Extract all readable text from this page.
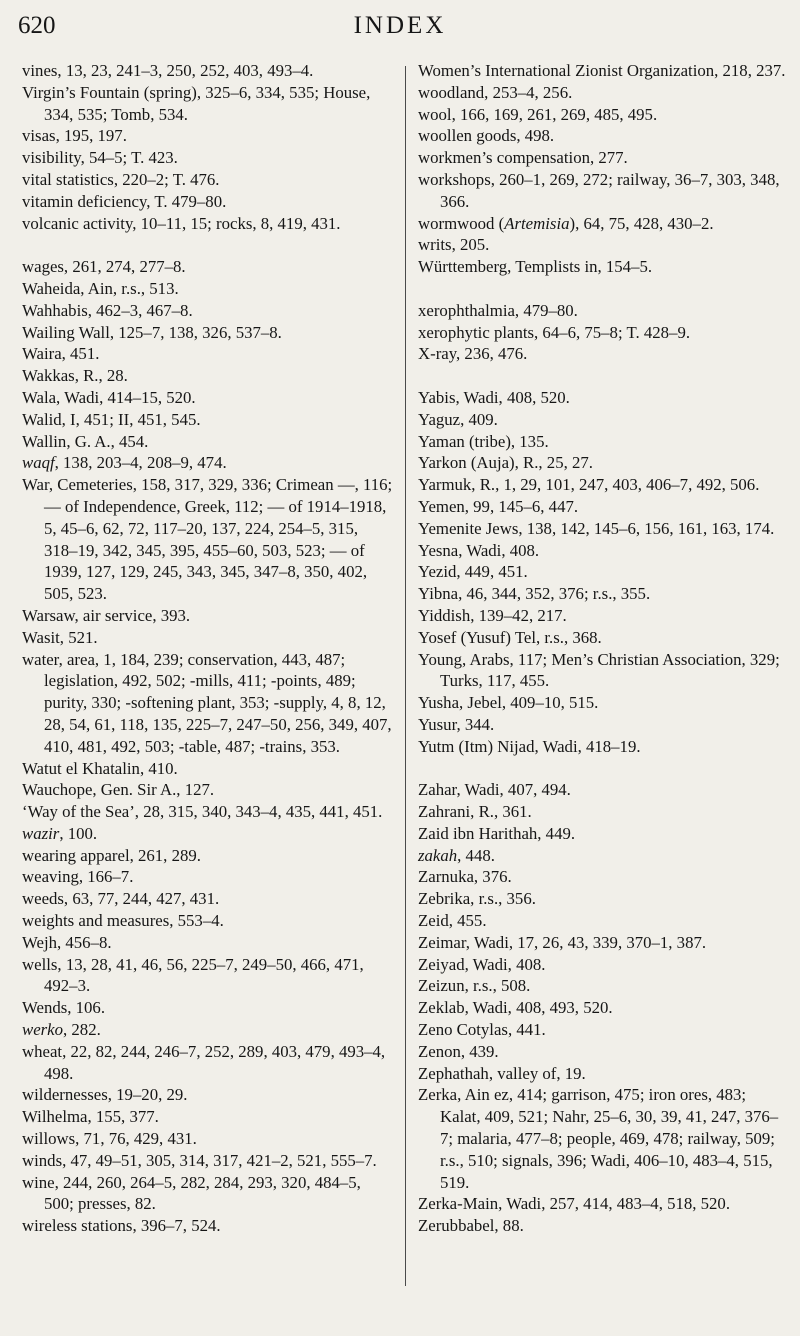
620	INDEX
vines, 13, 23, 241–3, 250, 252, 403, 493–4.
Virgin’s Fountain (spring), 325–6, 334, 535; House, 334, 535; Tomb, 534.
visas, 195, 197.
visibility, 54–5; T. 423.
vital statistics, 220–2; T. 476.
vitamin deficiency, T. 479–80.
volcanic activity, 10–11, 15; rocks, 8, 419, 431.
wages, 261, 274, 277–8.
Waheida, Ain, r.s., 513.
Wahhabis, 462–3, 467–8.
Wailing Wall, 125–7, 138, 326, 537–8.
Waira, 451.
Wakkas, R., 28.
Wala, Wadi, 414–15, 520.
Walid, I, 451; II, 451, 545.
Wallin, G. A., 454.
waqf, 138, 203–4, 208–9, 474.
War, Cemeteries, 158, 317, 329, 336; Crimean —, 116; — of Independence, Greek, 112; — of 1914–1918, 5, 45–6, 62, 72, 117–20, 137, 224, 254–5, 315, 318–19, 342, 345, 395, 455–60, 503, 523; — of 1939, 127, 129, 245, 343, 345, 347–8, 350, 402, 505, 523.
Warsaw, air service, 393.
Wasit, 521.
water, area, 1, 184, 239; conservation, 443, 487; legislation, 492, 502; -mills, 411; -points, 489; purity, 330; -softening plant, 353; -supply, 4, 8, 12, 28, 54, 61, 118, 135, 225–7, 247–50, 256, 349, 407, 410, 481, 492, 503; -table, 487; -trains, 353.
Watut el Khatalin, 410.
Wauchope, Gen. Sir A., 127.
‘Way of the Sea’, 28, 315, 340, 343–4, 435, 441, 451.
wazir, 100.
wearing apparel, 261, 289.
weaving, 166–7.
weeds, 63, 77, 244, 427, 431.
weights and measures, 553–4.
Wejh, 456–8.
wells, 13, 28, 41, 46, 56, 225–7, 249–50, 466, 471, 492–3.
Wends, 106.
werko, 282.
wheat, 22, 82, 244, 246–7, 252, 289, 403, 479, 493–4, 498.
wildernesses, 19–20, 29.
Wilhelma, 155, 377.
willows, 71, 76, 429, 431.
winds, 47, 49–51, 305, 314, 317, 421–2, 521, 555–7.
wine, 244, 260, 264–5, 282, 284, 293, 320, 484–5, 500; presses, 82.
wireless stations, 396–7, 524.
Women’s International Zionist Organization, 218, 237.
woodland, 253–4, 256.
wool, 166, 169, 261, 269, 485, 495.
woollen goods, 498.
workmen’s compensation, 277.
workshops, 260–1, 269, 272; railway, 36–7, 303, 348, 366.
wormwood (Artemisia), 64, 75, 428, 430–2.
writs, 205.
Württemberg, Templists in, 154–5.
xerophthalmia, 479–80.
xerophytic plants, 64–6, 75–8; T. 428–9.
X-ray, 236, 476.
Yabis, Wadi, 408, 520.
Yaguz, 409.
Yaman (tribe), 135.
Yarkon (Auja), R., 25, 27.
Yarmuk, R., 1, 29, 101, 247, 403, 406–7, 492, 506.
Yemen, 99, 145–6, 447.
Yemenite Jews, 138, 142, 145–6, 156, 161, 163, 174.
Yesna, Wadi, 408.
Yezid, 449, 451.
Yibna, 46, 344, 352, 376; r.s., 355.
Yiddish, 139–42, 217.
Yosef (Yusuf) Tel, r.s., 368.
Young, Arabs, 117; Men’s Christian Association, 329; Turks, 117, 455.
Yusha, Jebel, 409–10, 515.
Yusur, 344.
Yutm (Itm) Nijad, Wadi, 418–19.
Zahar, Wadi, 407, 494.
Zahrani, R., 361.
Zaid ibn Harithah, 449.
zakah, 448.
Zarnuka, 376.
Zebrika, r.s., 356.
Zeid, 455.
Zeimar, Wadi, 17, 26, 43, 339, 370–1, 387.
Zeiyad, Wadi, 408.
Zeizun, r.s., 508.
Zeklab, Wadi, 408, 493, 520.
Zeno Cotylas, 441.
Zenon, 439.
Zephathah, valley of, 19.
Zerka, Ain ez, 414; garrison, 475; iron ores, 483; Kalat, 409, 521; Nahr, 25–6, 30, 39, 41, 247, 376–7; malaria, 477–8; people, 469, 478; railway, 509; r.s., 510; signals, 396; Wadi, 406–10, 483–4, 515, 519.
Zerka-Main, Wadi, 257, 414, 483–4, 518, 520.
Zerubbabel, 88.
